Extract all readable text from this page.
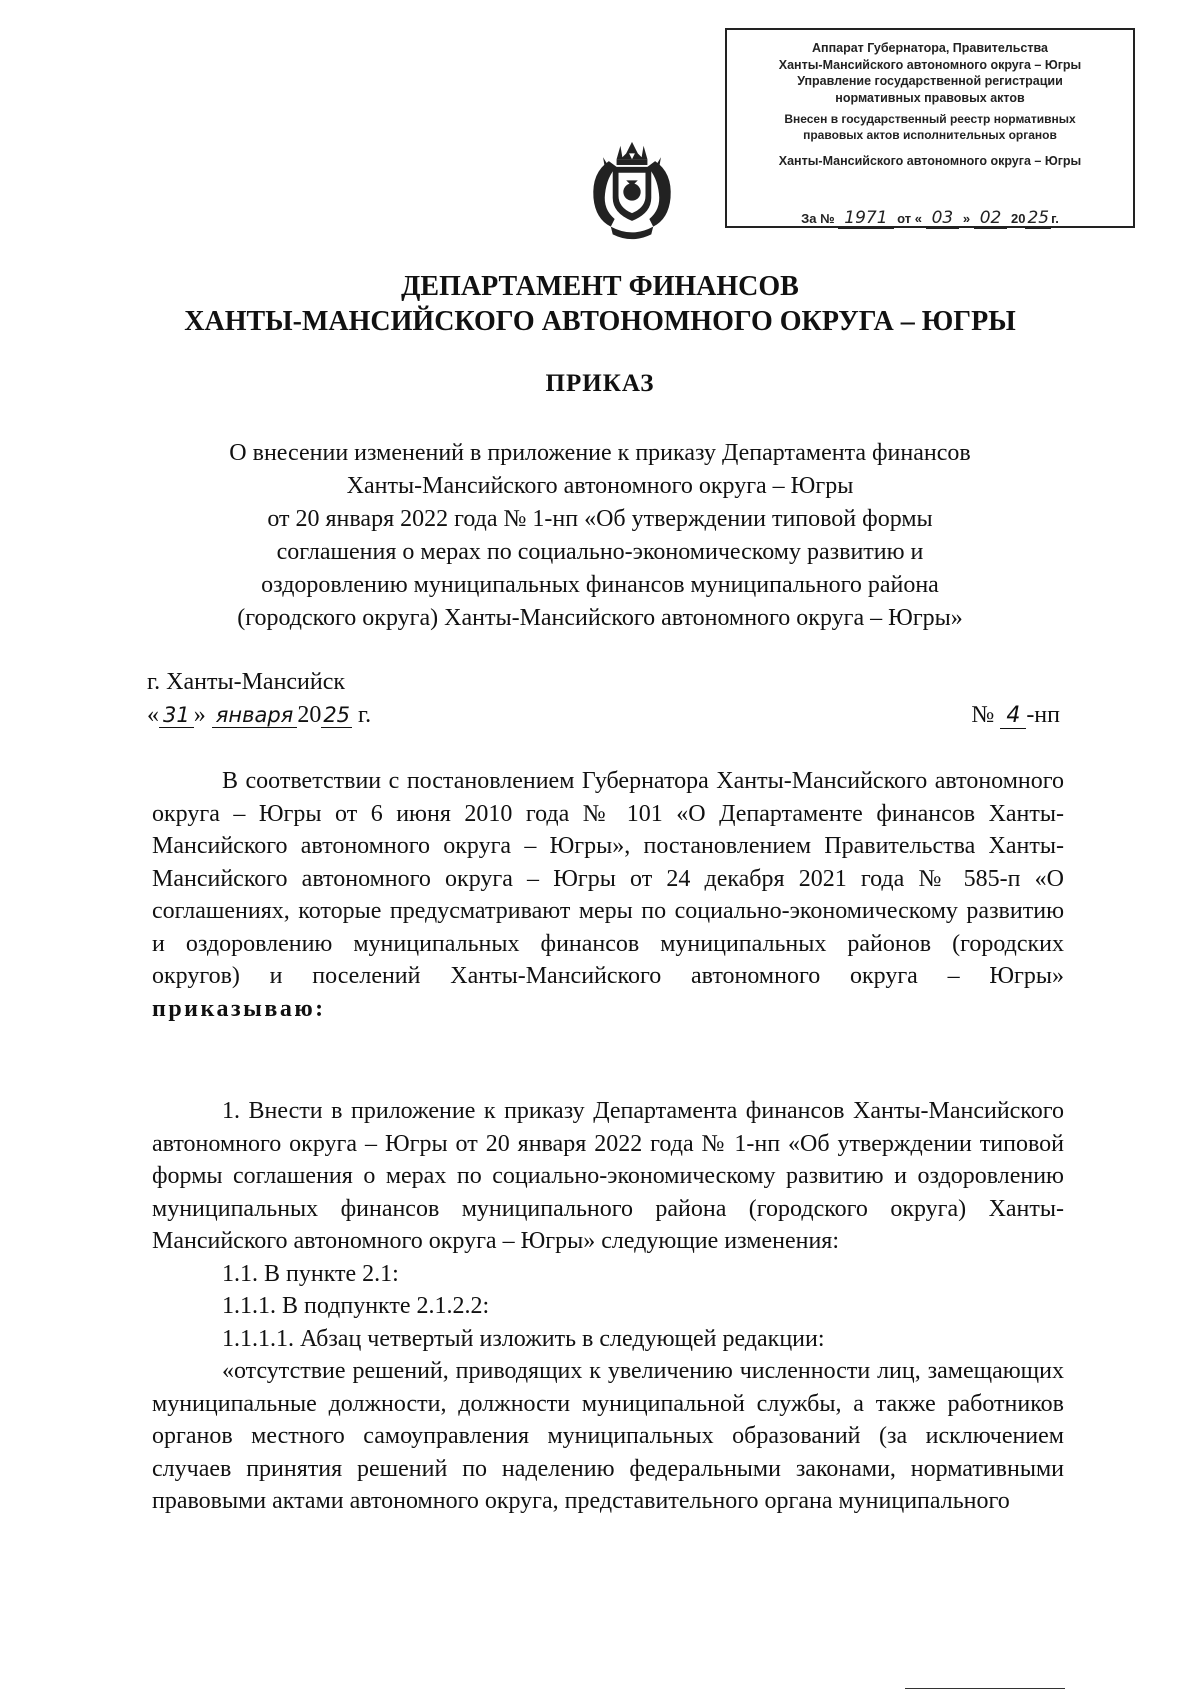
Аппарат Губернатора, Правительства
Ханты-Мансийского автономного округа – Югры
Управление государственной регистрации
нормативных правовых актов
Внесен в государственный реестр нормативных
правовых актов исполнительных органов
Ханты-Мансийского автономного округа – Югры
За № 1971 от « 03 » 02 20 25 г.
ДЕПАРТАМЕНТ ФИНАНСОВ
ХАНТЫ-МАНСИЙСКОГО АВТОНОМНОГО ОКРУГА – ЮГРЫ
ПРИКАЗ
О внесении изменений в приложение к приказу Департамента финансов
Ханты-Мансийского автономного округа – Югры
от 20 января 2022 года № 1-нп «Об утверждении типовой формы
соглашения о мерах по социально-экономическому развитию и
оздоровлению муниципальных финансов муниципального района
(городского округа) Ханты-Мансийского автономного округа – Югры»
г. Ханты-Мансийск
« 31 » января 2025 г.	№ 4 -нп
В соответствии с постановлением Губернатора Ханты-Мансийского автономного округа – Югры от 6 июня 2010 года № 101 «О Департаменте финансов Ханты-Мансийского автономного округа – Югры», постановлением Правительства Ханты-Мансийского автономного округа – Югры от 24 декабря 2021 года № 585-п «О соглашениях, которые предусматривают меры по социально-экономическому развитию и оздоровлению муниципальных финансов муниципальных районов (городских округов) и поселений Ханты-Мансийского автономного округа – Югры» приказываю:
1. Внести в приложение к приказу Департамента финансов Ханты-Мансийского автономного округа – Югры от 20 января 2022 года № 1-нп «Об утверждении типовой формы соглашения о мерах по социально-экономическому развитию и оздоровлению муниципальных финансов муниципального района (городского округа) Ханты-Мансийского автономного округа – Югры» следующие изменения:
1.1. В пункте 2.1:
1.1.1. В подпункте 2.1.2.2:
1.1.1.1. Абзац четвертый изложить в следующей редакции:
«отсутствие решений, приводящих к увеличению численности лиц, замещающих муниципальные должности, должности муниципальной службы, а также работников органов местного самоуправления муниципальных образований (за исключением случаев принятия решений по наделению федеральными законами, нормативными правовыми актами автономного округа, представительного органа муниципального
